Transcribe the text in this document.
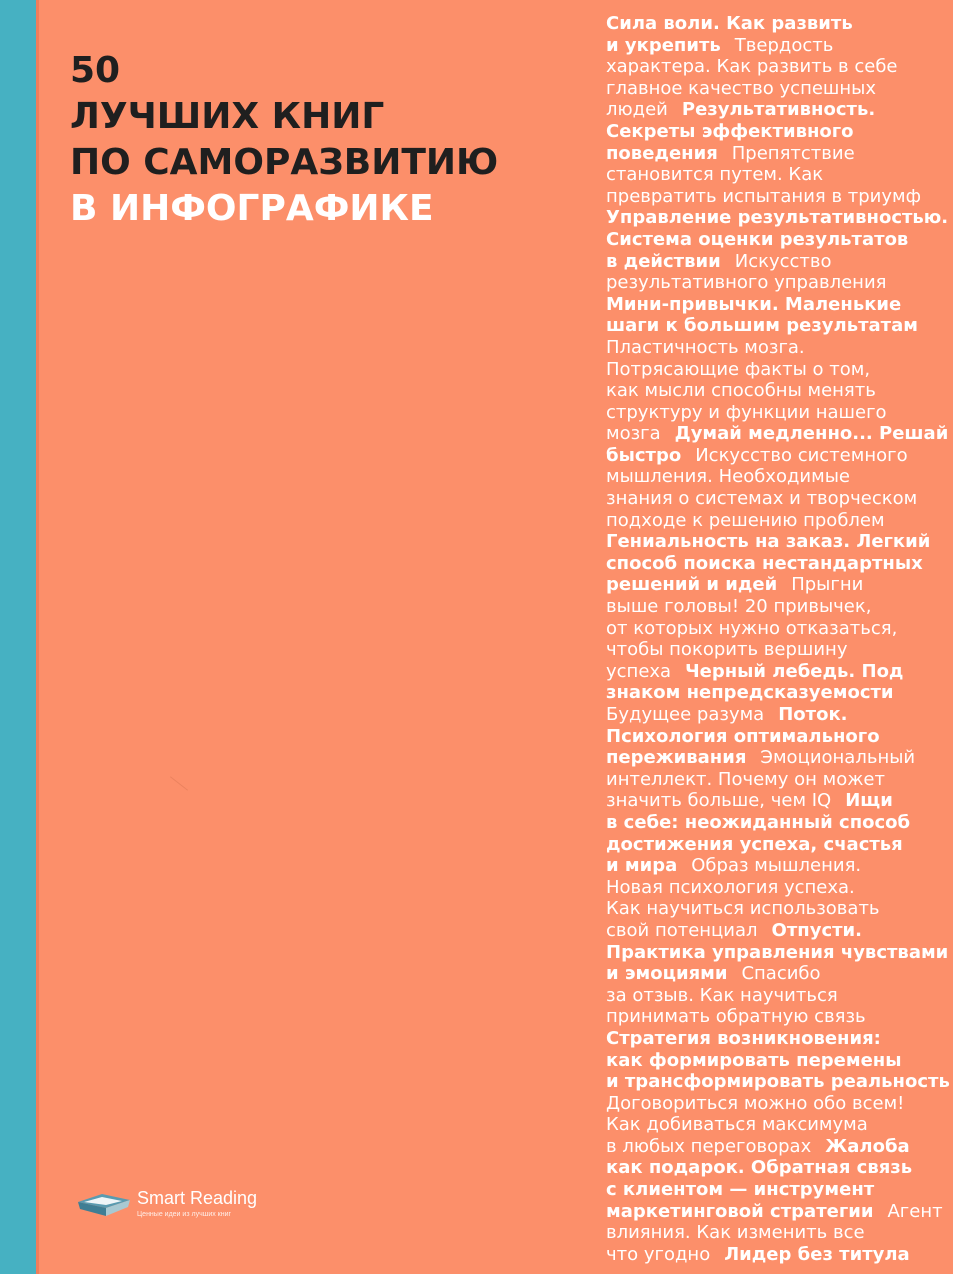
50
ЛУЧШИХ КНИГ
ПО САМОРАЗВИТИЮ
В ИНФОГРАФИКЕ
Сила воли. Как развить
и укрепить Твердость
характера. Как развить в себе
главное качество успешных
людей Результативность.
Секреты эффективного
поведения Препятствие
становится путем. Как
превратить испытания в триумф
Управление результативностью.
Система оценки результатов
в действии Искусство
результативного управления
Мини-привычки. Маленькие
шаги к большим результатам
Пластичность мозга.
Потрясающие факты о том,
как мысли способны менять
структуру и функции нашего
мозга Думай медленно... Решай
быстро Искусство системного
мышления. Необходимые
знания о системах и творческом
подходе к решению проблем
Гениальность на заказ. Легкий
способ поиска нестандартных
решений и идей Прыгни
выше головы! 20 привычек,
от которых нужно отказаться,
чтобы покорить вершину
успеха Черный лебедь. Под
знаком непредсказуемости
Будущее разума Поток.
Психология оптимального
переживания Эмоциональный
интеллект. Почему он может
значить больше, чем IQ Ищи
в себе: неожиданный способ
достижения успеха, счастья
и мира Образ мышления.
Новая психология успеха.
Как научиться использовать
свой потенциал Отпусти.
Практика управления чувствами
и эмоциями Спасибо
за отзыв. Как научиться
принимать обратную связь
Стратегия возникновения:
как формировать перемены
и трансформировать реальность
Договориться можно обо всем!
Как добиваться максимума
в любых переговорах Жалоба
как подарок. Обратная связь
с клиентом — инструмент
маркетинговой стратегии Агент
влияния. Как изменить все
что угодно Лидер без титула
Smart Reading
Ценные идеи из лучших книг
